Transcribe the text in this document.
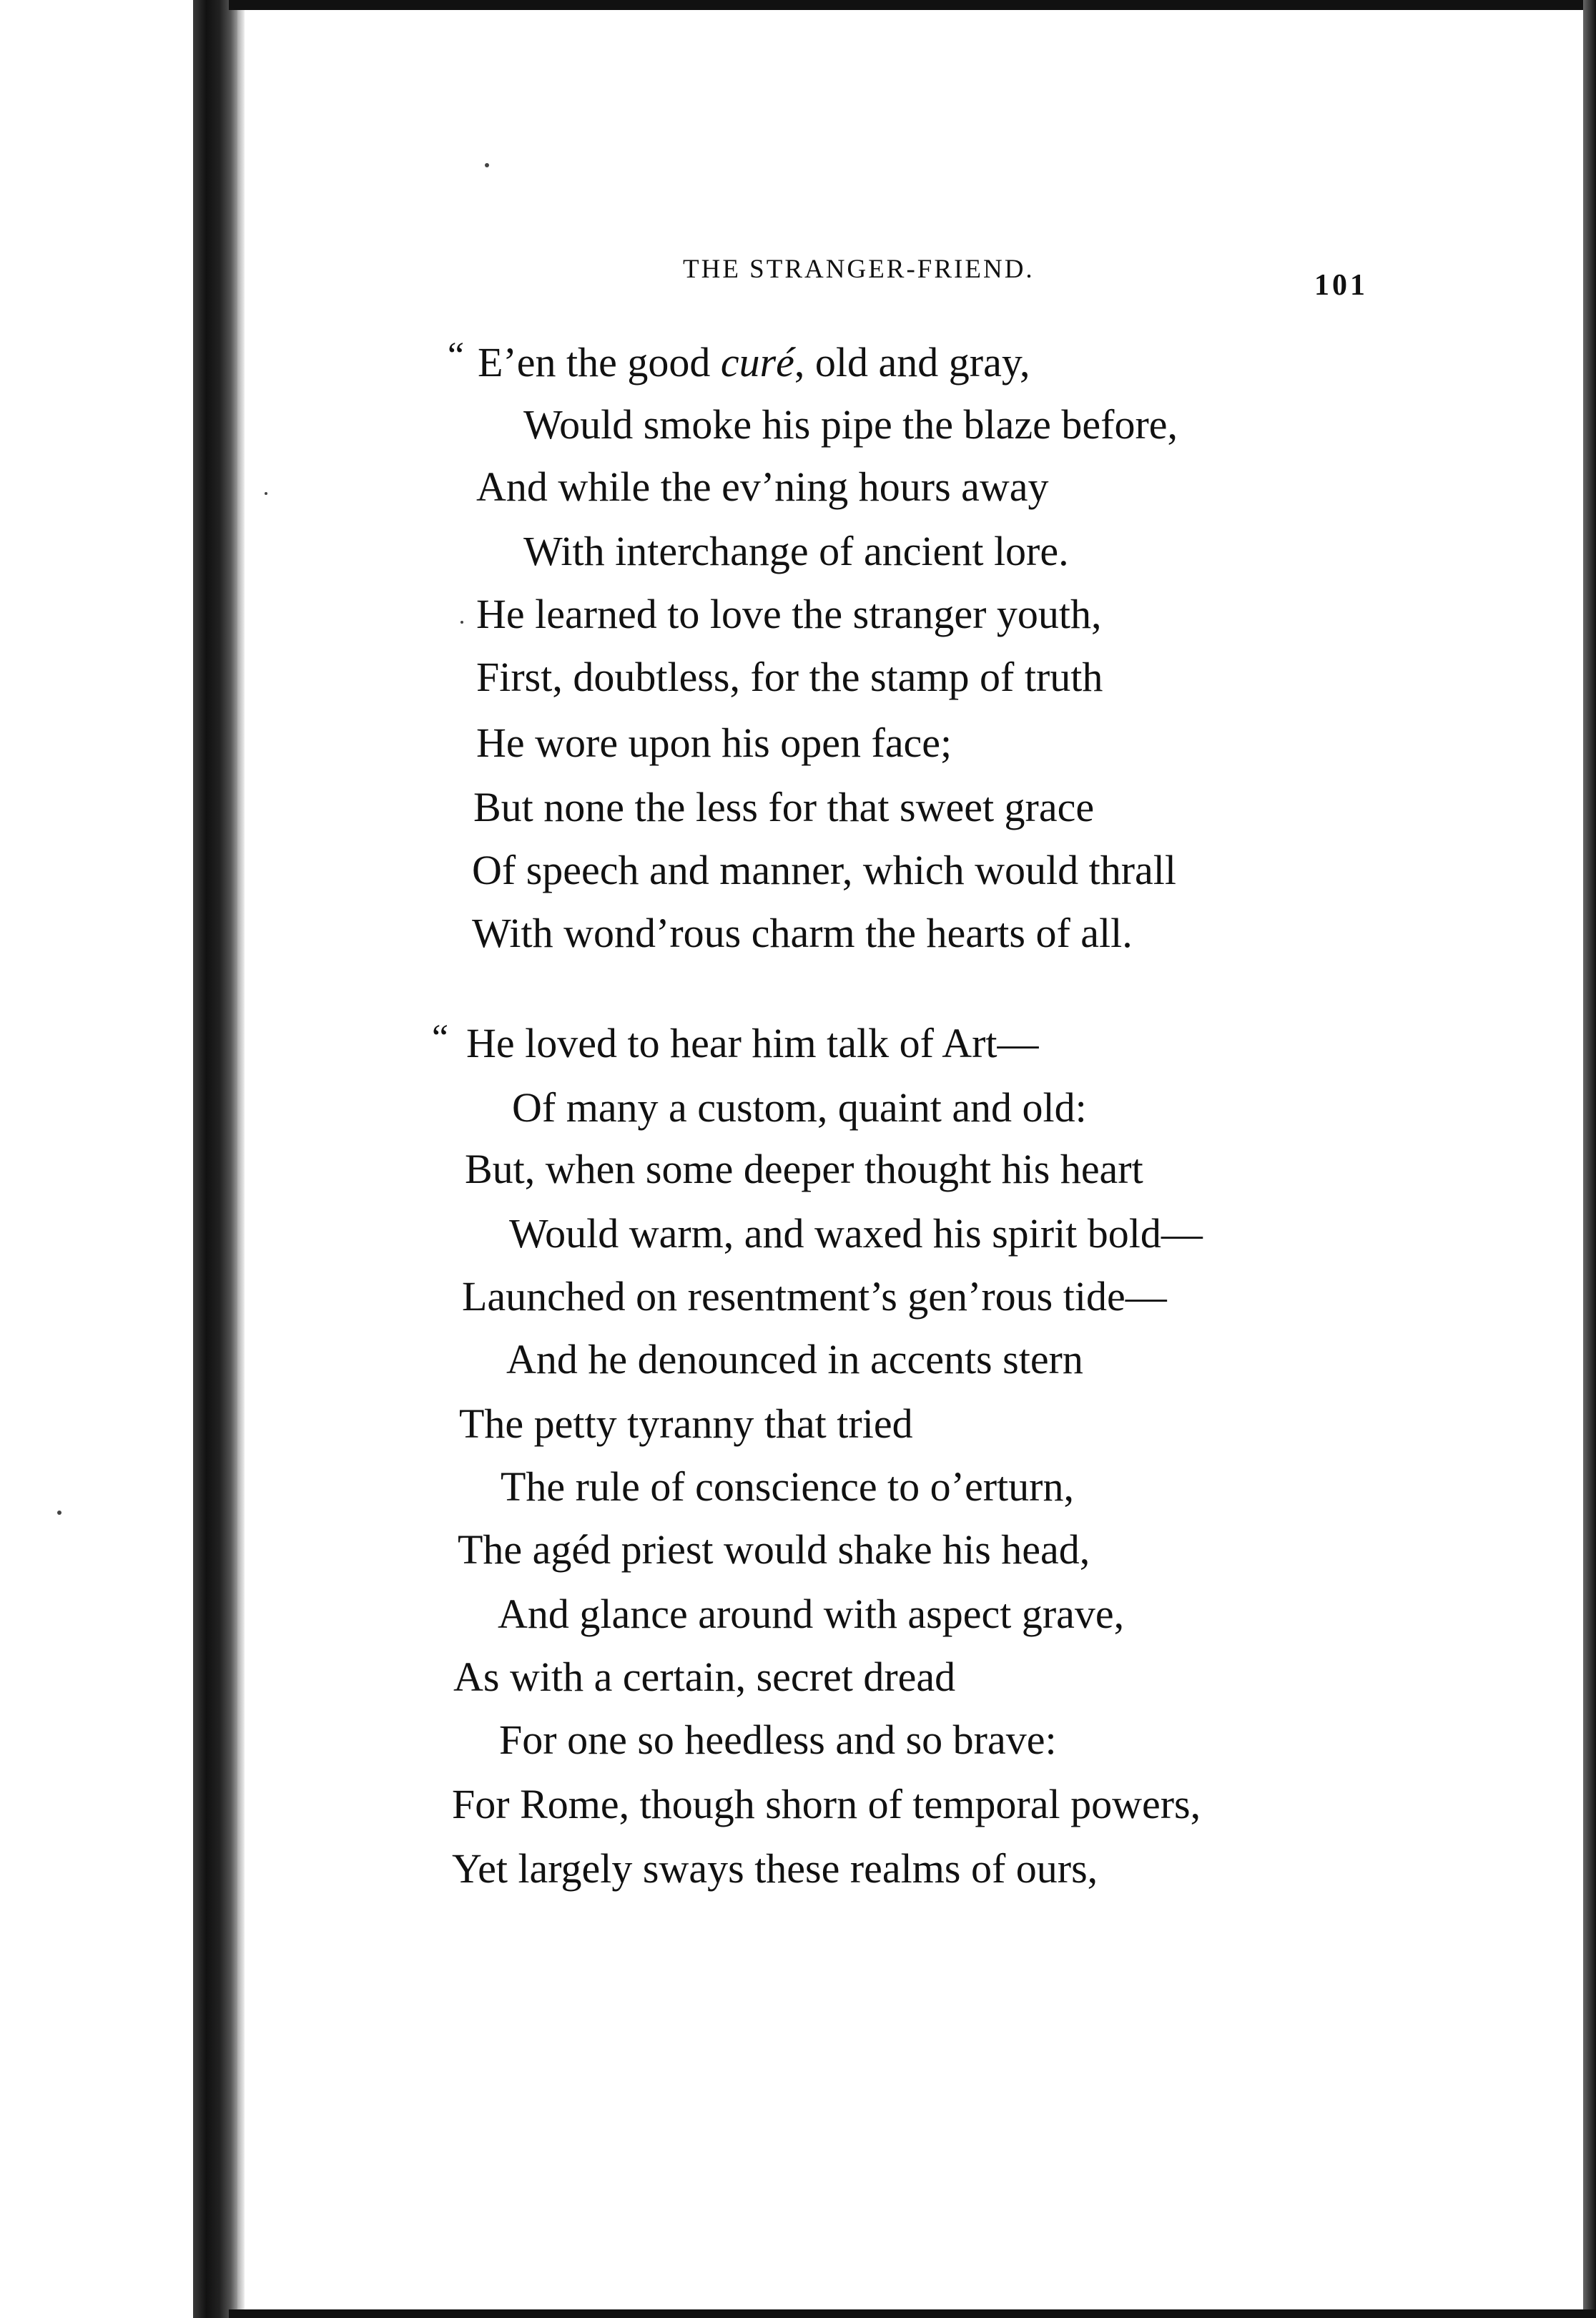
THE STRANGER-FRIEND.	101
“ E’en the good curé, old and gray,
Would smoke his pipe the blaze before,
And while the ev’ning hours away
With interchange of ancient lore.
He learned to love the stranger youth,
First, doubtless, for the stamp of truth
He wore upon his open face;
But none the less for that sweet grace
Of speech and manner, which would thrall
With wond’rous charm the hearts of all.
“ He loved to hear him talk of Art—
Of many a custom, quaint and old:
But, when some deeper thought his heart
Would warm, and waxed his spirit bold—
Launched on resentment’s gen’rous tide—
And he denounced in accents stern
The petty tyranny that tried
The rule of conscience to o’erturn,
The agéd priest would shake his head,
And glance around with aspect grave,
As with a certain, secret dread
For one so heedless and so brave:
For Rome, though shorn of temporal powers,
Yet largely sways these realms of ours,
